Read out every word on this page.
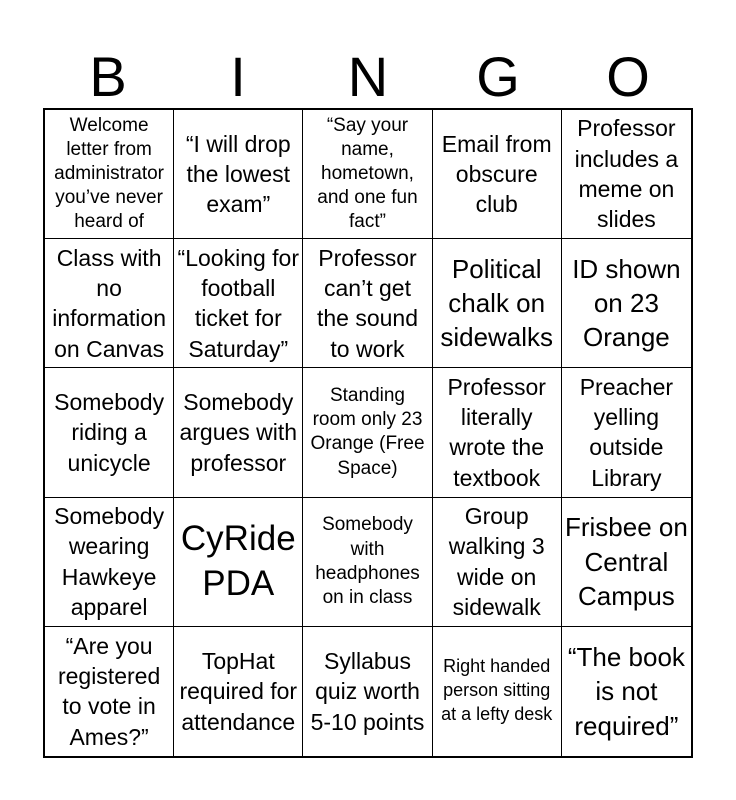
B	I	N	G	O
Welcome letter from administrator you’ve never heard of
“I will drop the lowest exam”
“Say your name, hometown, and one fun fact”
Email from obscure club
Professor includes a meme on slides
Class with no information on Canvas
“Looking for football ticket for Saturday”
Professor can’t get the sound to work
Political chalk on sidewalks
ID shown on 23 Orange
Somebody riding a unicycle
Somebody argues with professor
Standing room only 23 Orange (Free Space)
Professor literally wrote the textbook
Preacher yelling outside Library
Somebody wearing Hawkeye apparel
CyRide PDA
Somebody with headphones on in class
Group walking 3 wide on sidewalk
Frisbee on Central Campus
“Are you registered to vote in Ames?”
TopHat required for attendance
Syllabus quiz worth 5-10 points
Right handed person sitting at a lefty desk
“The book is not required”
